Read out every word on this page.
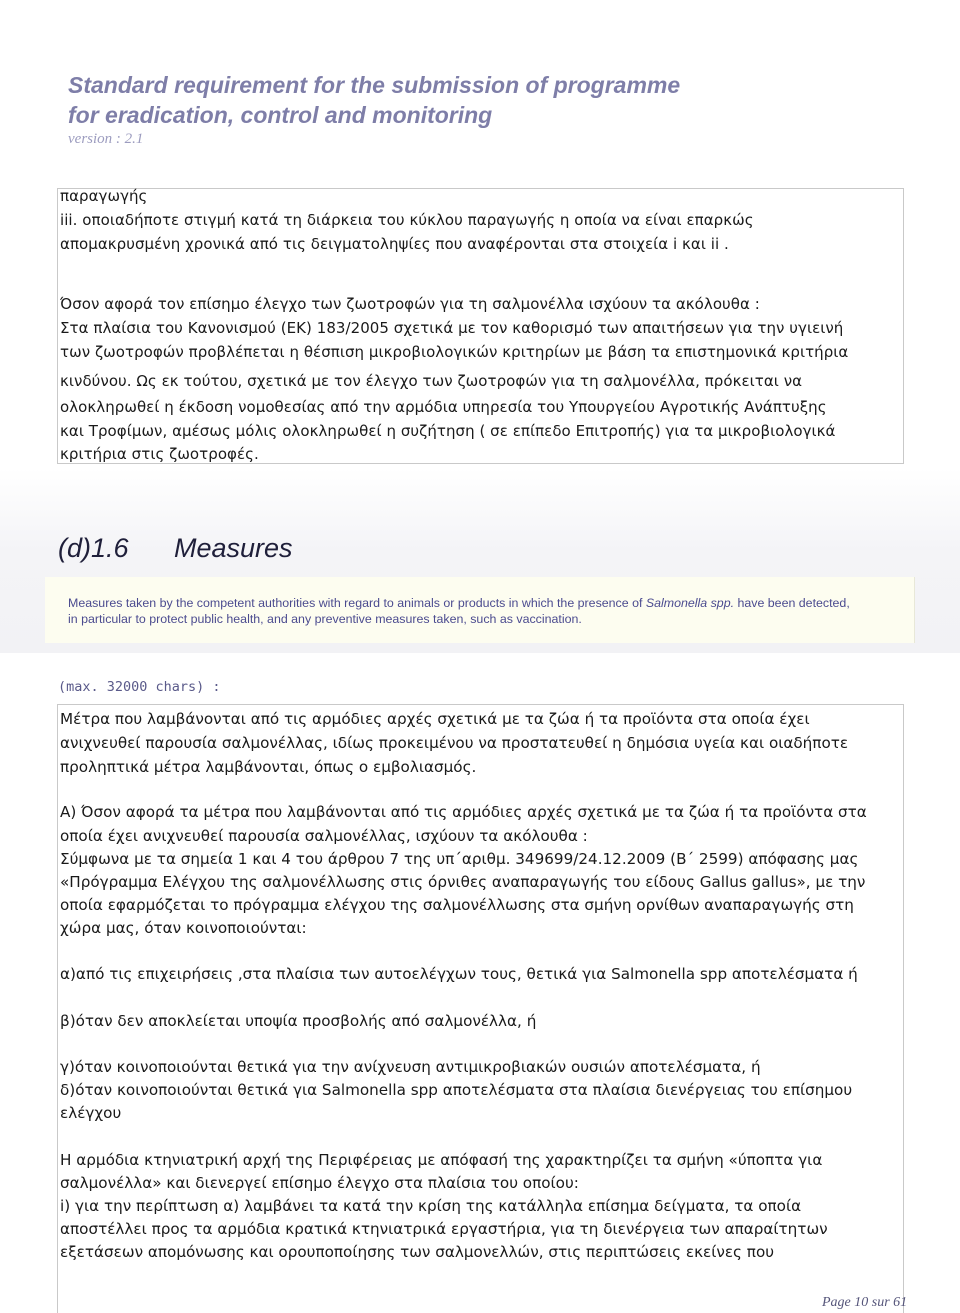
Standard requirement for the submission of programme
for eradication, control and monitoring
version : 2.1
παραγωγής
iii. οποιαδήποτε στιγμή κατά τη διάρκεια του κύκλου παραγωγής η οποία να είναι επαρκώς
απομακρυσμένη χρονικά από τις δειγματοληψίες που αναφέρονται στα στοιχεία i και ii .
Όσον αφορά τον επίσημο έλεγχο των ζωοτροφών για τη σαλμονέλλα ισχύουν τα ακόλουθα :
Στα πλαίσια του Κανονισμού (ΕΚ) 183/2005 σχετικά με τον καθορισμό των απαιτήσεων για την υγιεινή
των ζωοτροφών προβλέπεται η θέσπιση μικροβιολογικών κριτηρίων με βάση τα επιστημονικά κριτήρια
κινδύνου. Ως εκ τούτου, σχετικά με τον έλεγχο των ζωοτροφών για τη σαλμονέλλα, πρόκειται να
ολοκληρωθεί η έκδοση νομοθεσίας από την αρμόδια υπηρεσία του Υπουργείου Αγροτικής Ανάπτυξης
και Τροφίμων, αμέσως μόλις ολοκληρωθεί η συζήτηση ( σε επίπεδο Επιτροπής) για τα μικροβιολογικά
κριτήρια στις ζωοτροφές.
(d)1.6 Measures
Measures taken by the competent authorities with regard to animals or products in which the presence of Salmonella spp. have been detected,
in particular to protect public health, and any preventive measures taken, such as vaccination.
(max. 32000 chars) :
Μέτρα που λαμβάνονται από τις αρμόδιες αρχές σχετικά με τα ζώα ή τα προϊόντα στα οποία έχει
ανιχνευθεί παρουσία σαλμονέλλας, ιδίως προκειμένου να προστατευθεί η δημόσια υγεία και οιαδήποτε
προληπτικά μέτρα λαμβάνονται, όπως ο εμβολιασμός.
Α) Όσον αφορά τα μέτρα που λαμβάνονται από τις αρμόδιες αρχές σχετικά με τα ζώα ή τα προϊόντα στα
οποία έχει ανιχνευθεί παρουσία σαλμονέλλας, ισχύουν τα ακόλουθα :
Σύμφωνα με τα σημεία 1 και 4 του άρθρου 7 της υπ΄αριθμ. 349699/24.12.2009 (Β΄ 2599) απόφασης μας
«Πρόγραμμα Ελέγχου της σαλμονέλλωσης στις όρνιθες αναπαραγωγής του είδους Gallus gallus», με την
οποία εφαρμόζεται το πρόγραμμα ελέγχου της σαλμονέλλωσης στα σμήνη ορνίθων αναπαραγωγής στη
χώρα μας, όταν κοινοποιούνται:
α)από τις επιχειρήσεις ,στα πλαίσια των αυτοελέγχων τους, θετικά για Salmonella spp αποτελέσματα ή
β)όταν δεν αποκλείεται υποψία προσβολής από σαλμονέλλα, ή
γ)όταν κοινοποιούνται θετικά για την ανίχνευση αντιμικροβιακών ουσιών αποτελέσματα, ή
δ)όταν κοινοποιούνται θετικά για Salmonella spp αποτελέσματα στα πλαίσια διενέργειας του επίσημου
ελέγχου
Η αρμόδια κτηνιατρική αρχή της Περιφέρειας με απόφασή της χαρακτηρίζει τα σμήνη «ύποπτα για
σαλμονέλλα» και διενεργεί επίσημο έλεγχο στα πλαίσια του οποίου:
i) για την περίπτωση α) λαμβάνει τα κατά την κρίση της κατάλληλα επίσημα δείγματα, τα οποία
αποστέλλει προς τα αρμόδια κρατικά κτηνιατρικά εργαστήρια, για τη διενέργεια των απαραίτητων
εξετάσεων απομόνωσης και ορουποποίησης των σαλμονελλών, στις περιπτώσεις εκείνες που
Page 10 sur 61
